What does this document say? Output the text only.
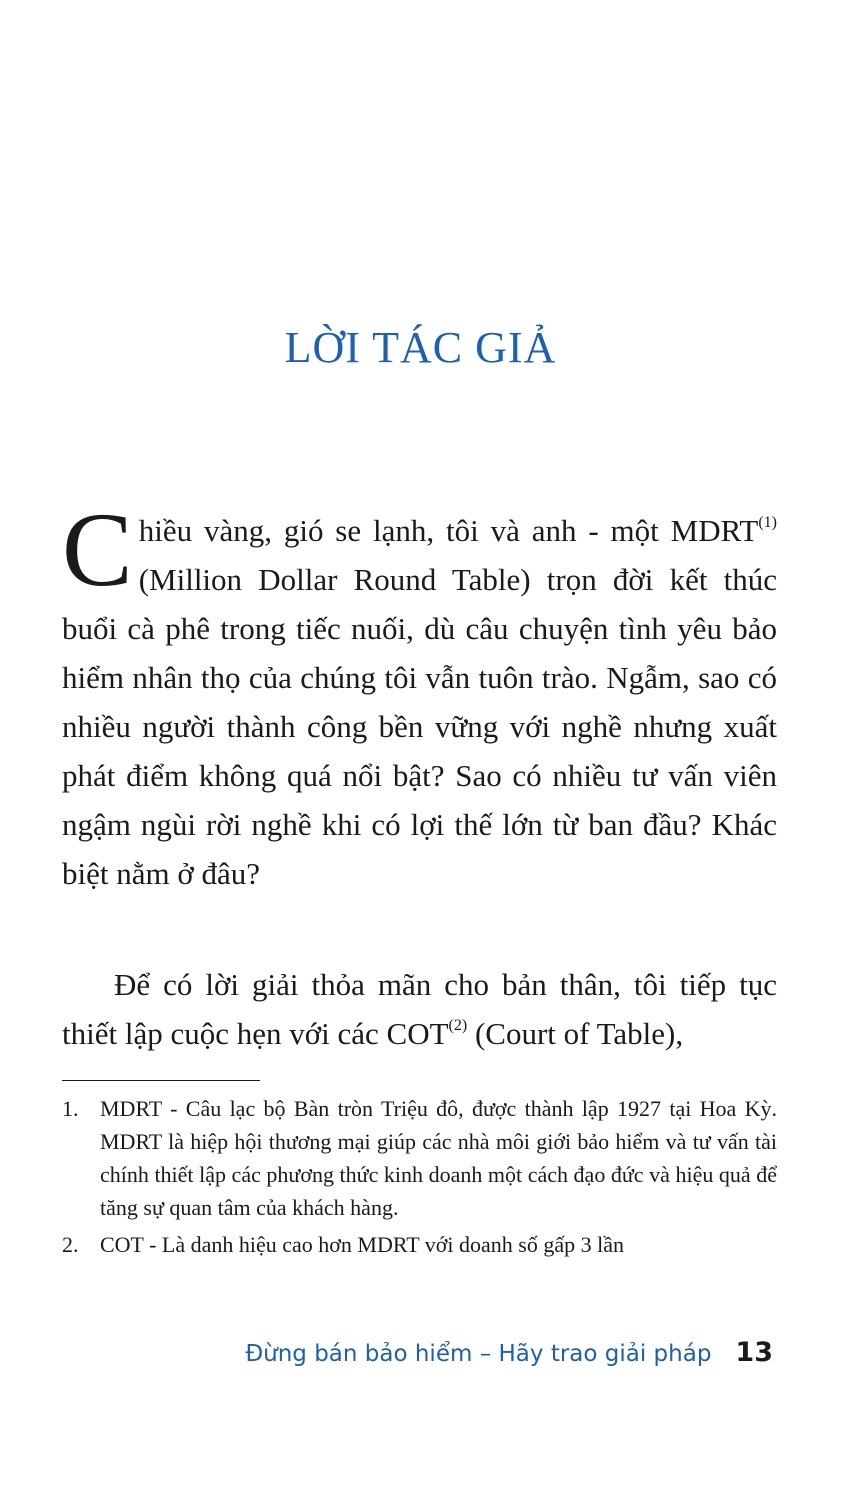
LỜI TÁC GIẢ

Chiều vàng, gió se lạnh, tôi và anh - một MDRT$^{(1)}$ (Million Dollar Round Table) trọn đời kết thúc buổi cà phê trong tiếc nuối, dù câu chuyện tình yêu bảo hiểm nhân thọ của chúng tôi vẫn tuôn trào. Ngẫm, sao có nhiều người thành công bền vững với nghề nhưng xuất phát điểm không quá nổi bật? Sao có nhiều tư vấn viên ngậm ngùi rời nghề khi có lợi thế lớn từ ban đầu? Khác biệt nằm ở đâu?

Để có lời giải thỏa mãn cho bản thân, tôi tiếp tục thiết lập cuộc hẹn với các COT$^{(2)}$ (Court of Table),

1. MDRT - Câu lạc bộ Bàn tròn Triệu đô, được thành lập 1927 tại Hoa Kỳ. MDRT là hiệp hội thương mại giúp các nhà môi giới bảo hiểm và tư vấn tài chính thiết lập các phương thức kinh doanh một cách đạo đức và hiệu quả để tăng sự quan tâm của khách hàng.
2. COT - Là danh hiệu cao hơn MDRT với doanh số gấp 3 lần
Đừng bán bảo hiểm – Hãy trao giải pháp 13
